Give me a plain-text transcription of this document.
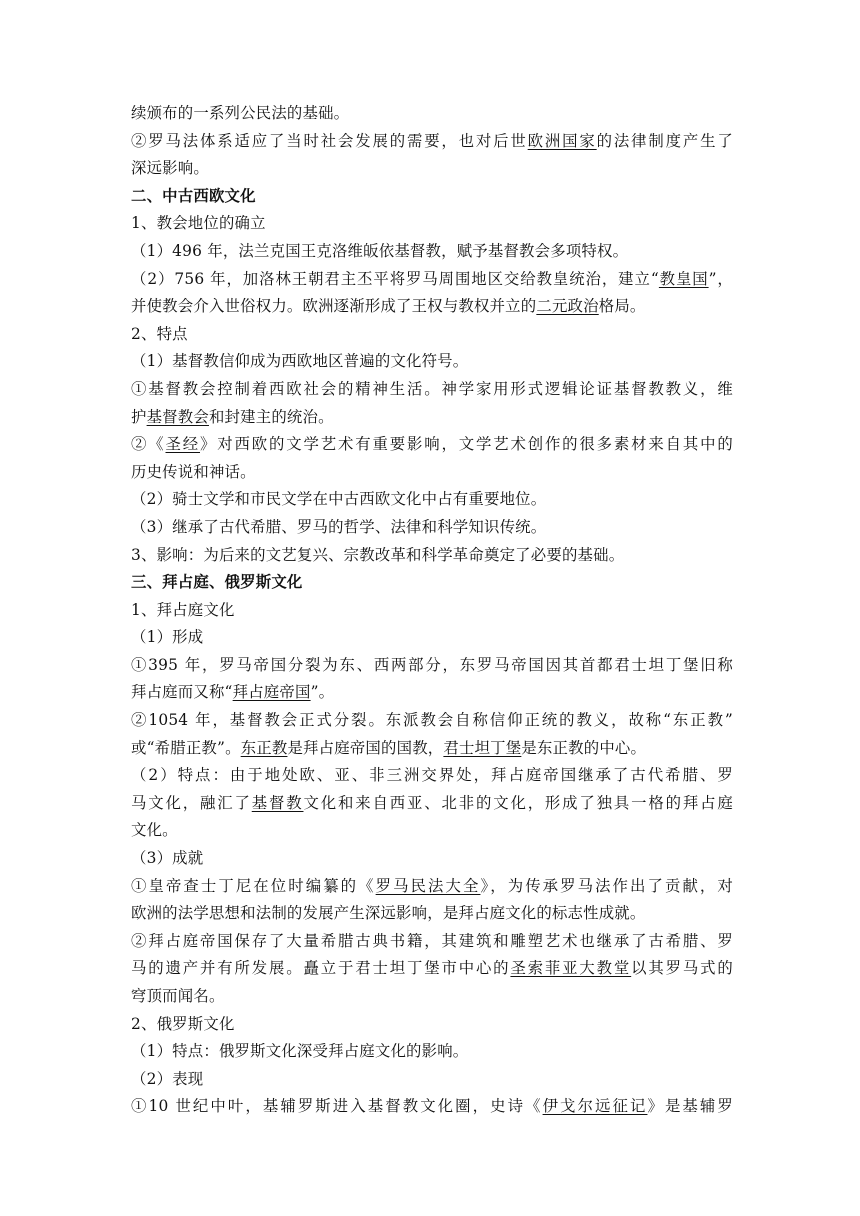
续颁布的一系列公民法的基础。
②罗马法体系适应了当时社会发展的需要，也对后世欧洲国家的法律制度产生了
深远影响。
二、中古西欧文化
1、教会地位的确立
（1）496 年，法兰克国王克洛维皈依基督教，赋予基督教会多项特权。
（2）756 年，加洛林王朝君主丕平将罗马周围地区交给教皇统治，建立“教皇国”，
并使教会介入世俗权力。欧洲逐渐形成了王权与教权并立的二元政治格局。
2、特点
（1）基督教信仰成为西欧地区普遍的文化符号。
①基督教会控制着西欧社会的精神生活。神学家用形式逻辑论证基督教教义，维
护基督教会和封建主的统治。
②《圣经》对西欧的文学艺术有重要影响，文学艺术创作的很多素材来自其中的
历史传说和神话。
（2）骑士文学和市民文学在中古西欧文化中占有重要地位。
（3）继承了古代希腊、罗马的哲学、法律和科学知识传统。
3、影响：为后来的文艺复兴、宗教改革和科学革命奠定了必要的基础。
三、拜占庭、俄罗斯文化
1、拜占庭文化
（1）形成
①395 年，罗马帝国分裂为东、西两部分，东罗马帝国因其首都君士坦丁堡旧称
拜占庭而又称“拜占庭帝国”。
②1054 年，基督教会正式分裂。东派教会自称信仰正统的教义，故称“东正教”
或“希腊正教”。东正教是拜占庭帝国的国教，君士坦丁堡是东正教的中心。
（2）特点：由于地处欧、亚、非三洲交界处，拜占庭帝国继承了古代希腊、罗
马文化，融汇了基督教文化和来自西亚、北非的文化，形成了独具一格的拜占庭
文化。
（3）成就
①皇帝查士丁尼在位时编纂的《罗马民法大全》，为传承罗马法作出了贡献，对
欧洲的法学思想和法制的发展产生深远影响，是拜占庭文化的标志性成就。
②拜占庭帝国保存了大量希腊古典书籍，其建筑和雕塑艺术也继承了古希腊、罗
马的遗产并有所发展。矗立于君士坦丁堡市中心的圣索菲亚大教堂以其罗马式的
穹顶而闻名。
2、俄罗斯文化
（1）特点：俄罗斯文化深受拜占庭文化的影响。
（2）表现
①10 世纪中叶，基辅罗斯进入基督教文化圈，史诗《伊戈尔远征记》是基辅罗
